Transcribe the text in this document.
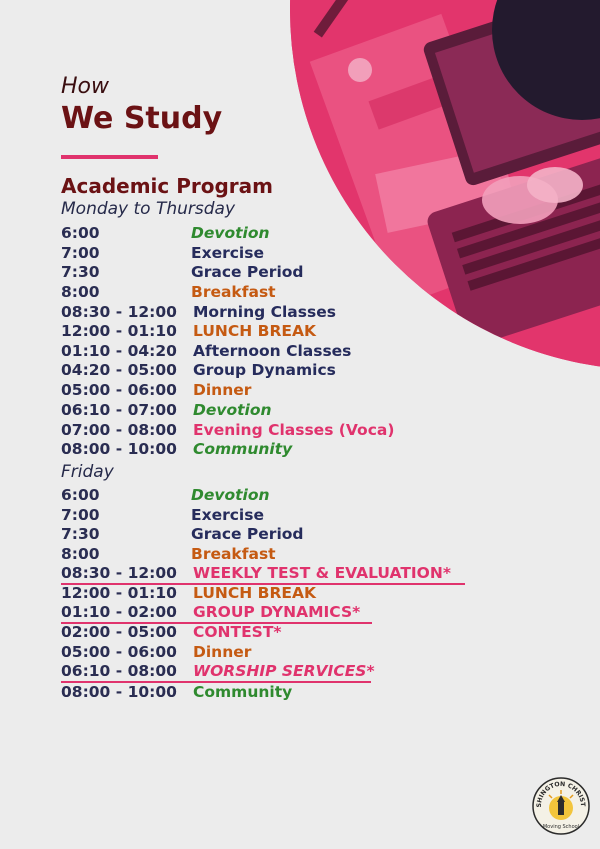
How

We Study

Academic Program

Monday to Thursday

6:00	Devotion
7:00	Exercise
7:30	Grace Period
8:00	Breakfast
08:30 - 12:00 Morning Classes
12:00 - 01:10 LUNCH BREAK
01:10 - 04:20 Afternoon Classes
04:20 - 05:00 Group Dynamics
05:00 - 06:00 Dinner
06:10 - 07:00 Devotion
07:00 - 08:00 Evening Classes (Voca)
08:00 - 10:00 Community

Friday

6:00	Devotion
7:00	Exercise
7:30	Grace Period
8:00	Breakfast
08:30 - 12:00 WEEKLY TEST & EVALUATION*
12:00 - 01:10 LUNCH BREAK
01:10 - 02:00 GROUP DYNAMICS*
02:00 - 05:00 CONTEST*
05:00 - 06:00 Dinner
06:10 - 08:00 WORSHIP SERVICES*
08:00 - 10:00 Community
SHINGTON CHRIST
Moving School
